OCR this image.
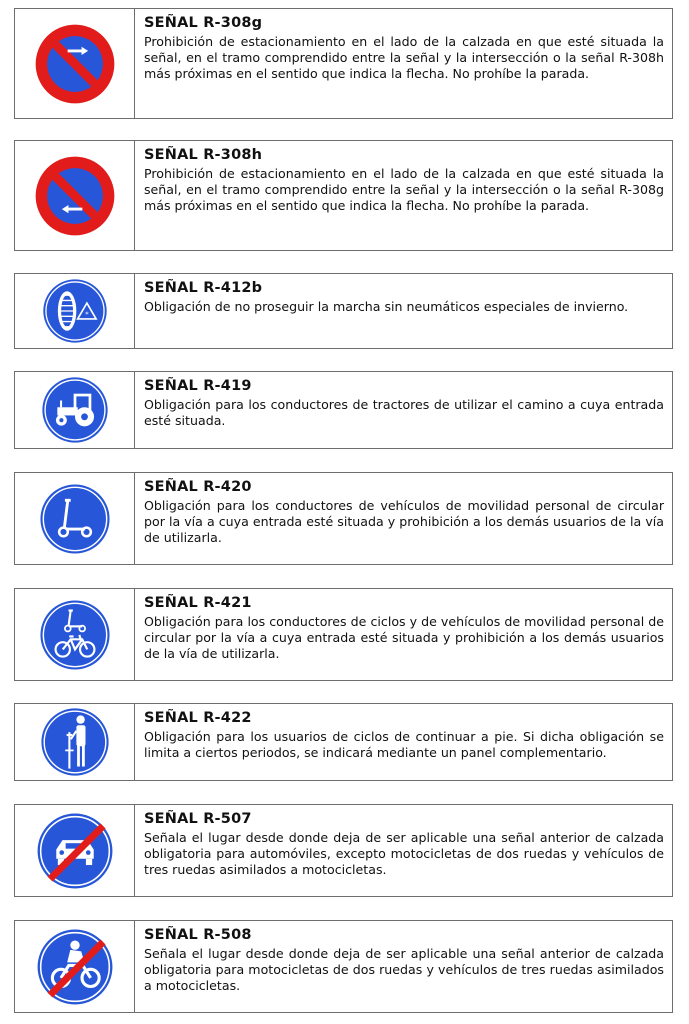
SEÑAL R-308g

Prohibición de estacionamiento en el lado de la calzada en que esté situada la señal, en el tramo comprendido entre la señal y la intersección o la señal R-308h más próximas en el sentido que indica la flecha. No prohíbe la parada.

SEÑAL R-308h

Prohibición de estacionamiento en el lado de la calzada en que esté situada la señal, en el tramo comprendido entre la señal y la intersección o la señal R-308g más próximas en el sentido que indica la flecha. No prohíbe la parada.

*

SEÑAL R-412b

Obligación de no proseguir la marcha sin neumáticos especiales de invierno.

SEÑAL R-419

Obligación para los conductores de tractores de utilizar el camino a cuya entrada esté situada.

SEÑAL R-420

Obligación para los conductores de vehículos de movilidad personal de circular por la vía a cuya entrada esté situada y prohibición a los demás usuarios de la vía de utilizarla.

SEÑAL R-421

Obligación para los conductores de ciclos y de vehículos de movilidad personal de circular por la vía a cuya entrada esté situada y prohibición a los demás usuarios de la vía de utilizarla.

SEÑAL R-422

Obligación para los usuarios de ciclos de continuar a pie. Si dicha obligación se limita a ciertos periodos, se indicará mediante un panel complementario.

SEÑAL R-507

Señala el lugar desde donde deja de ser aplicable una señal anterior de calzada obligatoria para automóviles, excepto motocicletas de dos ruedas y vehículos de tres ruedas asimilados a motocicletas.

SEÑAL R-508

Señala el lugar desde donde deja de ser aplicable una señal anterior de calzada obligatoria para motocicletas de dos ruedas y vehículos de tres ruedas asimilados a motocicletas.
